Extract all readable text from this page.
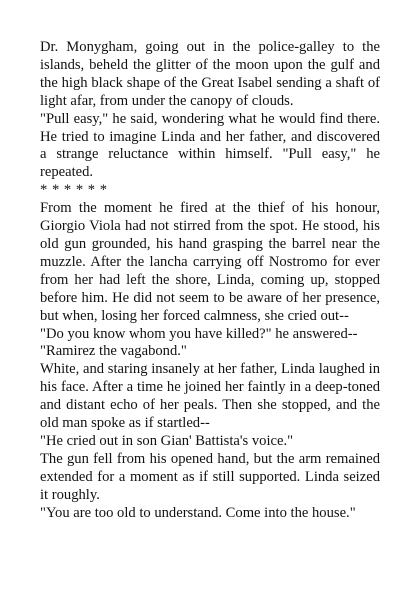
Dr. Monygham, going out in the police-galley to the islands, beheld the glitter of the moon upon the gulf and the high black shape of the Great Isabel sending a shaft of light afar, from under the canopy of clouds.

"Pull easy," he said, wondering what he would find there. He tried to imagine Linda and her father, and discovered a strange reluctance within himself. "Pull easy," he repeated.

* * * * * *

From the moment he fired at the thief of his honour, Giorgio Viola had not stirred from the spot. He stood, his old gun grounded, his hand grasping the barrel near the muzzle. After the lancha carrying off Nostromo for ever from her had left the shore, Linda, coming up, stopped before him. He did not seem to be aware of her presence, but when, losing her forced calmness, she cried out--

"Do you know whom you have killed?" he answered--

"Ramirez the vagabond."

White, and staring insanely at her father, Linda laughed in his face. After a time he joined her faintly in a deep-toned and distant echo of her peals. Then she stopped, and the old man spoke as if startled--

"He cried out in son Gian' Battista's voice."

The gun fell from his opened hand, but the arm remained extended for a moment as if still supported. Linda seized it roughly.

"You are too old to understand. Come into the house."
